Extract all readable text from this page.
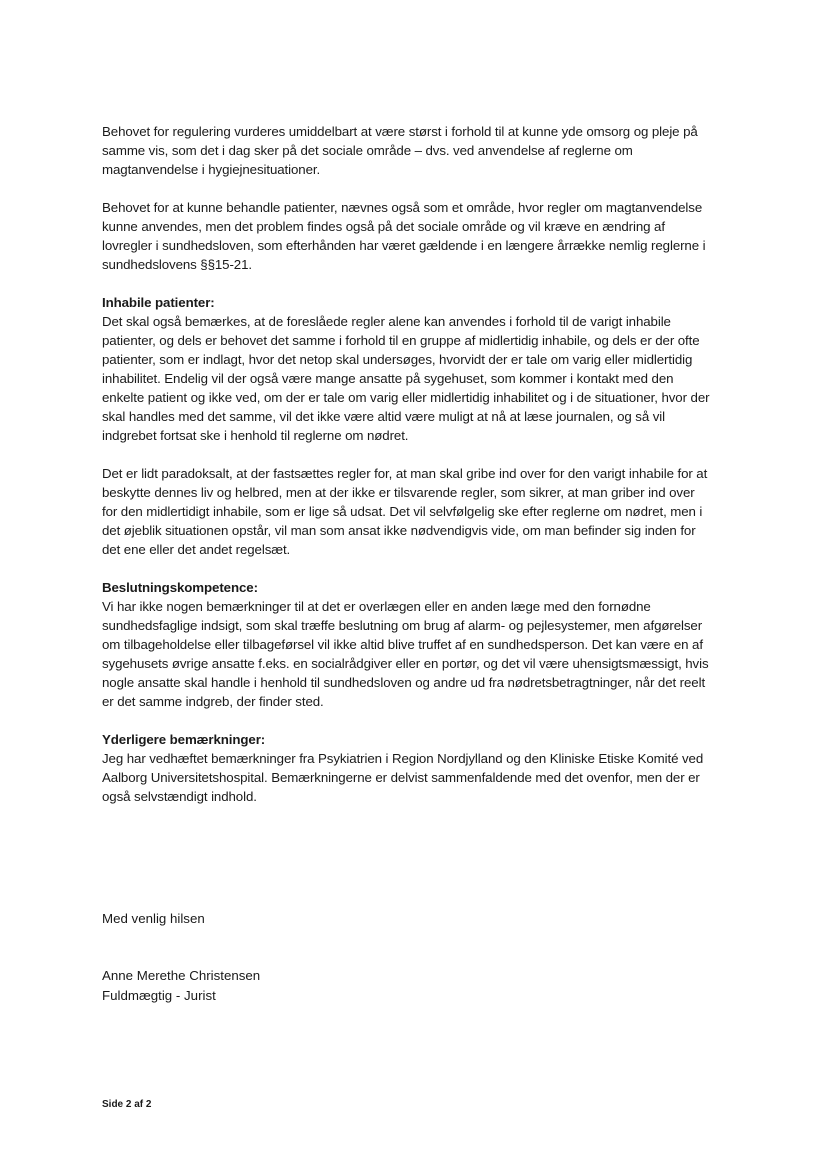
Behovet for regulering vurderes umiddelbart at være størst i forhold til at kunne yde omsorg og pleje på samme vis, som det i dag sker på det sociale område – dvs. ved anvendelse af reglerne om magtanvendelse i hygiejnesituationer.

Behovet for at kunne behandle patienter, nævnes også som et område, hvor regler om magtanvendelse kunne anvendes, men det problem findes også på det sociale område og vil kræve en ændring af lovregler i sundhedsloven, som efterhånden har været gældende i en længere årrække nemlig reglerne i sundhedslovens §§15-21.

Inhabile patienter:

Det skal også bemærkes, at de foreslåede regler alene kan anvendes i forhold til de varigt inhabile patienter, og dels er behovet det samme i forhold til en gruppe af midlertidig inhabile, og dels er der ofte patienter, som er indlagt, hvor det netop skal undersøges, hvorvidt der er tale om varig eller midlertidig inhabilitet. Endelig vil der også være mange ansatte på sygehuset, som kommer i kontakt med den enkelte patient og ikke ved, om der er tale om varig eller midlertidig inhabilitet og i de situationer, hvor der skal handles med det samme, vil det ikke være altid være muligt at nå at læse journalen, og så vil indgrebet fortsat ske i henhold til reglerne om nødret.

Det er lidt paradoksalt, at der fastsættes regler for, at man skal gribe ind over for den varigt inhabile for at beskytte dennes liv og helbred, men at der ikke er tilsvarende regler, som sikrer, at man griber ind over for den midlertidigt inhabile, som er lige så udsat. Det vil selvfølgelig ske efter reglerne om nødret, men i det øjeblik situationen opstår, vil man som ansat ikke nødvendigvis vide, om man befinder sig inden for det ene eller det andet regelsæt.

Beslutningskompetence:

Vi har ikke nogen bemærkninger til at det er overlægen eller en anden læge med den fornødne sundhedsfaglige indsigt, som skal træffe beslutning om brug af alarm- og pejlesystemer, men afgørelser om tilbageholdelse eller tilbageførsel vil ikke altid blive truffet af en sundhedsperson. Det kan være en af sygehusets øvrige ansatte f.eks. en socialrådgiver eller en portør, og det vil være uhensigtsmæssigt, hvis nogle ansatte skal handle i henhold til sundhedsloven og andre ud fra nødretsbetragtninger, når det reelt er det samme indgreb, der finder sted.

Yderligere bemærkninger:

Jeg har vedhæftet bemærkninger fra Psykiatrien i Region Nordjylland og den Kliniske Etiske Komité ved Aalborg Universitetshospital. Bemærkningerne er delvist sammenfaldende med det ovenfor, men der er også selvstændigt indhold.

Med venlig hilsen

Anne Merethe Christensen
Fuldmægtig - Jurist
Side 2 af 2
